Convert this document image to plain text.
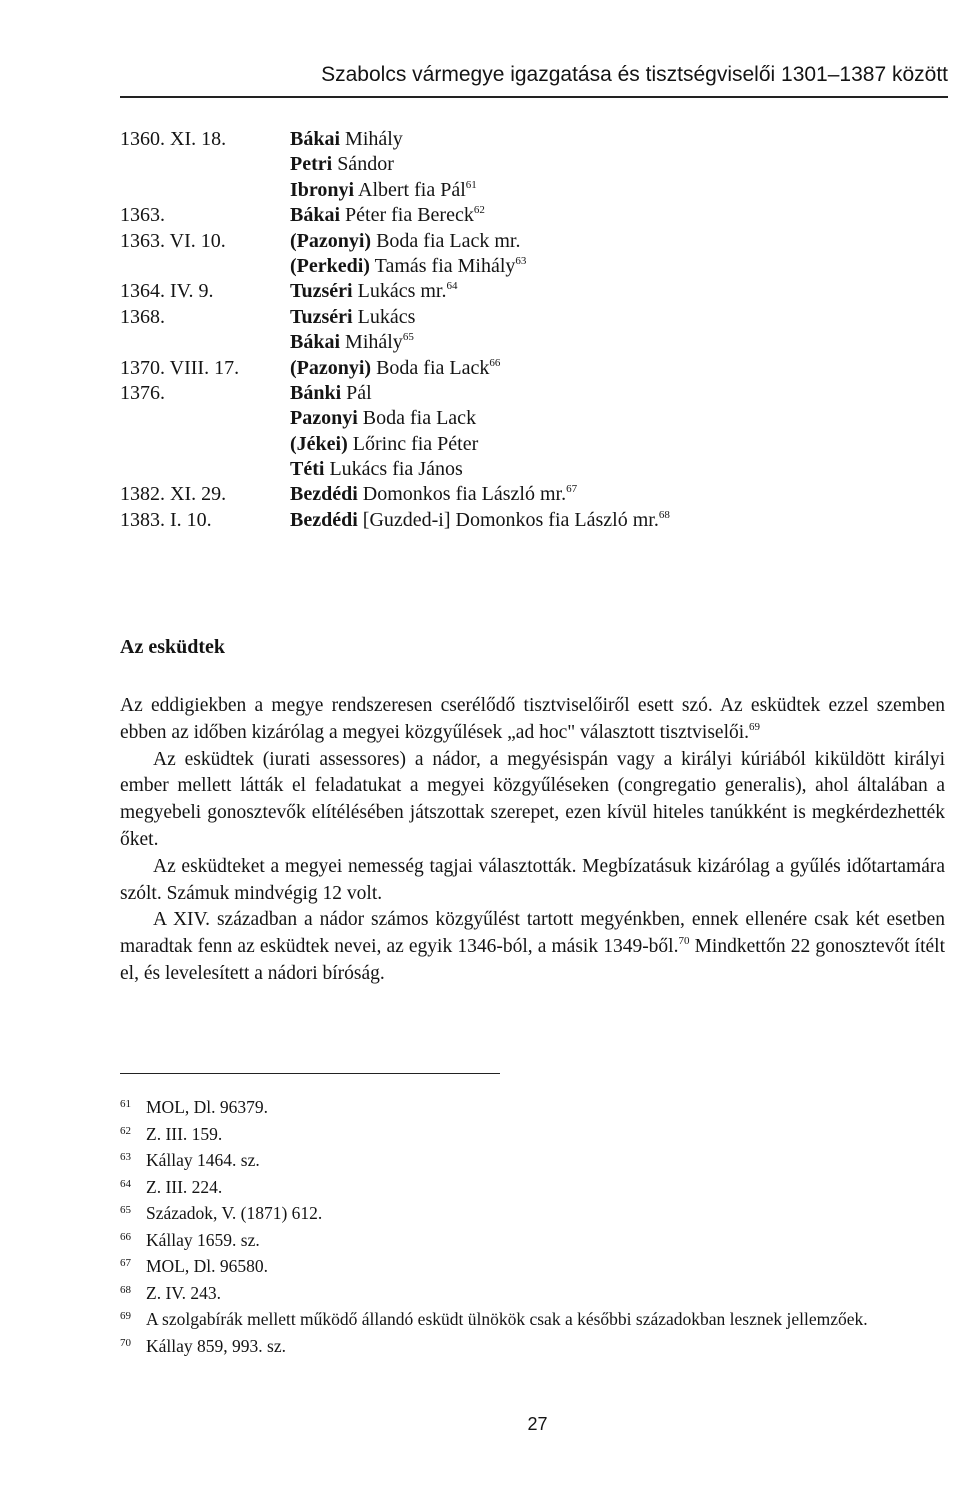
Szabolcs vármegye igazgatása és tisztségviselői 1301–1387 között
1360. XI. 18.	Bákai Mihály
Petri Sándor
Ibronyi Albert fia Pál$^{61}$
1363.	Bákai Péter fia Bereck$^{62}$
1363. VI. 10.	(Pazonyi) Boda fia Lack mr.
(Perkedi) Tamás fia Mihály$^{63}$
1364. IV. 9.	Tuzséri Lukács mr.$^{64}$
1368.	Tuzséri Lukács
Bákai Mihály$^{65}$
1370. VIII. 17.	(Pazonyi) Boda fia Lack$^{66}$
1376.	Bánki Pál
Pazonyi Boda fia Lack
(Jékei) Lőrinc fia Péter
Téti Lukács fia János
1382. XI. 29.	Bezdédi Domonkos fia László mr.$^{67}$
1383. I. 10.	Bezdédi [Guzded-i] Domonkos fia László mr.$^{68}$
Az esküdtek

Az eddigiekben a megye rendszeresen cserélődő tisztviselőiről esett szó. Az esküdtek ezzel szemben ebben az időben kizárólag a megyei közgyűlések „ad hoc" választott tisztviselői.$^{69}$

Az esküdtek (iurati assessores) a nádor, a megyésispán vagy a királyi kúriából kiküldött királyi ember mellett látták el feladatukat a megyei közgyűléseken (congregatio generalis), ahol általában a megyebeli gonosztevők elítélésében játszottak szerepet, ezen kívül hiteles tanúkként is megkérdezhették őket.

Az esküdteket a megyei nemesség tagjai választották. Megbízatásuk kizárólag a gyűlés időtartamára szólt. Számuk mindvégig 12 volt.

A XIV. században a nádor számos közgyűlést tartott megyénkben, ennek ellenére csak két esetben maradtak fenn az esküdtek nevei, az egyik 1346-ból, a másik 1349-ből.$^{70}$ Mindkettőn 22 gonosztevőt ítélt el, és levelesített a nádori bíróság.

61 MOL, Dl. 96379.
62 Z. III. 159.
63 Kállay 1464. sz.
64 Z. III. 224.
65 Századok, V. (1871) 612.
66 Kállay 1659. sz.
67 MOL, Dl. 96580.
68 Z. IV. 243.
69 A szolgabírák mellett működő állandó esküdt ülnökök csak a későbbi századokban lesznek jellemzőek.
70 Kállay 859, 993. sz.
27
